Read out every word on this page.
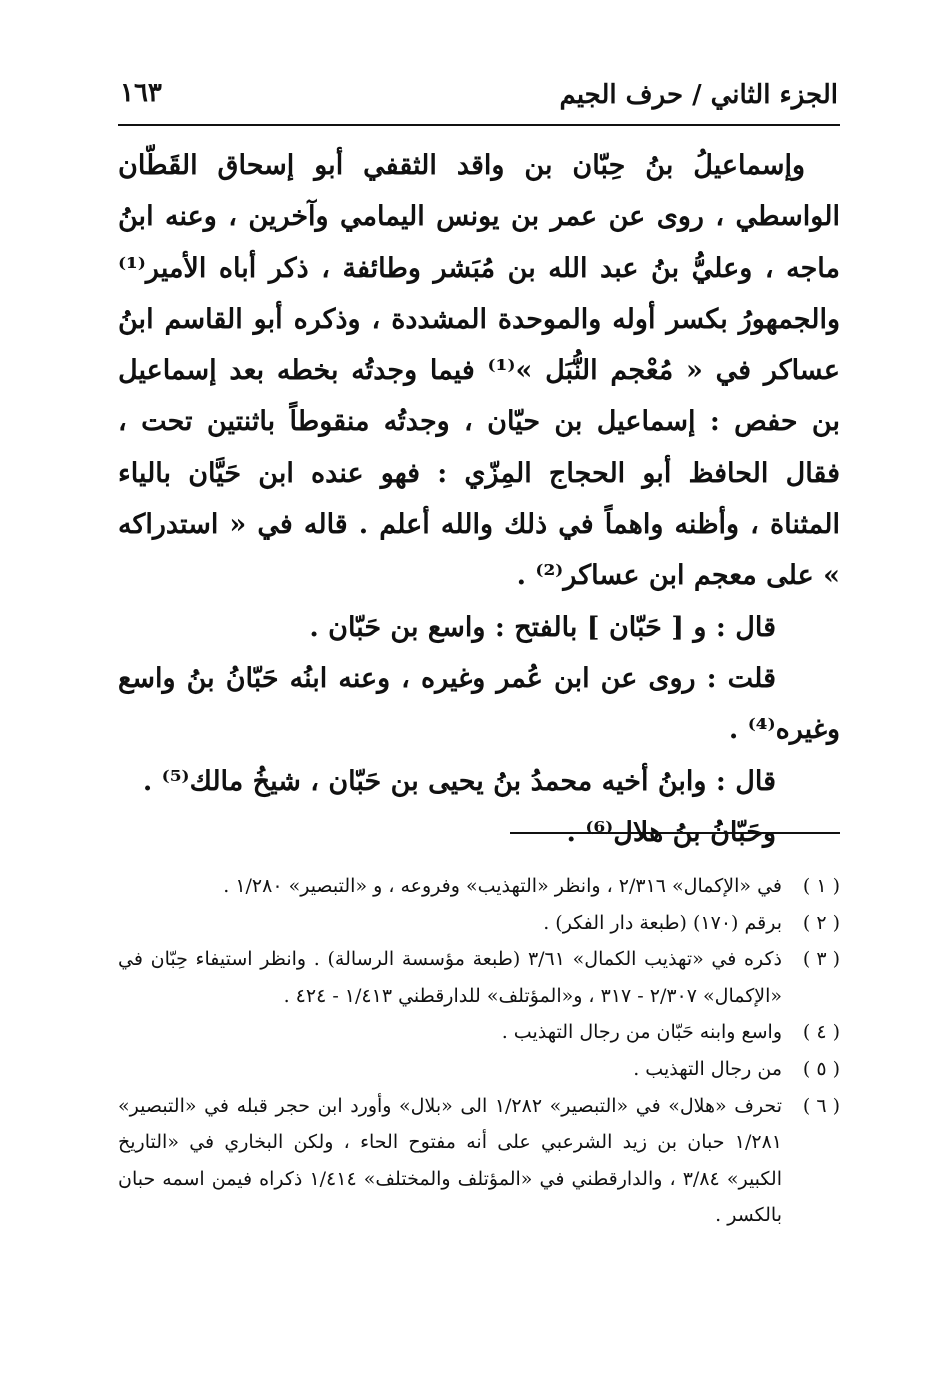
الجزء الثاني / حرف الجيم
١٦٣

وإسماعيلُ بنُ حِبّان بن واقد الثقفي أبو إسحاق القَطّان الواسطي ، روى عن عمر بن يونس اليمامي وآخرين ، وعنه ابنُ ماجه ، وعليُّ بنُ عبد الله بن مُبَشر وطائفة ، ذكر أباه الأمير⁽¹⁾ والجمهورُ بكسر أوله والموحدة المشددة ، وذكره أبو القاسم ابنُ عساكر في « مُعْجم النُّبَل »⁽¹⁾ فيما وجدتُه بخطه بعد إسماعيل بن حفص : إسماعيل بن حيّان ، وجدتُه منقوطاً باثنتين تحت ، فقال الحافظ أبو الحجاج المِزّي : فهو عنده ابن حَيَّان بالياء المثناة ، وأظنه واهماً في ذلك والله أعلم . قاله في « استدراكه » على معجم ابن عساكر⁽²⁾ .

قال : و [ حَبّان ] بالفتح : واسع بن حَبّان .

قلت : روى عن ابن عُمر وغيره ، وعنه ابنُه حَبّانُ بنُ واسع وغيره⁽⁴⁾ .

قال : وابنُ أخيه محمدُ بنُ يحيى بن حَبّان ، شيخُ مالك⁽⁵⁾ .

وحَبّانُ بنُ هلال⁽⁶⁾ .

( ١ )
في «الإكمال» ٢/٣١٦ ، وانظر «التهذيب» وفروعه ، و «التبصير» ١/٢٨٠ .

( ٢ )
برقم (١٧٠) (طبعة دار الفكر) .

( ٣ )
ذكره في «تهذيب الكمال» ٣/٦١ (طبعة مؤسسة الرسالة) . وانظر استيفاء حِبّان في «الإكمال» ٢/٣٠٧ - ٣١٧ ، و«المؤتلف» للدارقطني ١/٤١٣ - ٤٢٤ .

( ٤ )
واسع وابنه حَبّان من رجال التهذيب .

( ٥ )
من رجال التهذيب .

( ٦ )
تحرف «هلال» في «التبصير» ١/٢٨٢ الى «بلال» وأورد ابن حجر قبله في «التبصير» ١/٢٨١ حبان بن زيد الشرعبي على أنه مفتوح الحاء ، ولكن البخاري في «التاريخ الكبير» ٣/٨٤ ، والدارقطني في «المؤتلف والمختلف» ١/٤١٤ ذكراه فيمن اسمه حبان بالكسر .
